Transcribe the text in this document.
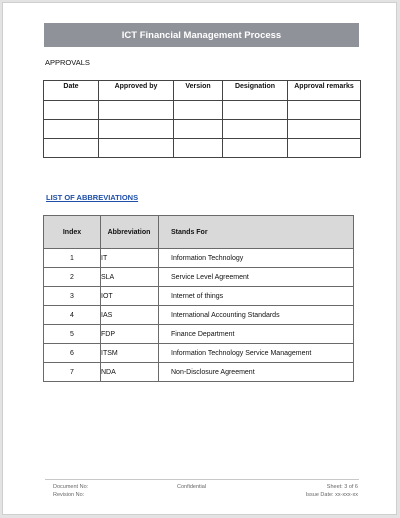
ICT Financial Management Process
APPROVALS
Date	Approved by	Version	Designation	Approval remarks

LIST OF ABBREVIATIONS
Index	Abbreviation	Stands For
1	IT	Information Technology
2	SLA	Service Level Agreement
3	IOT	Internet of things
4	IAS	International Accounting Standards
5	FDP	Finance Department
6	ITSM	Information Technology Service Management
7	NDA	Non-Disclosure Agreement
Document No:
Revision No:
Confidential	Sheet: 3 of 6
Issue Date: xx-xxx-xx
